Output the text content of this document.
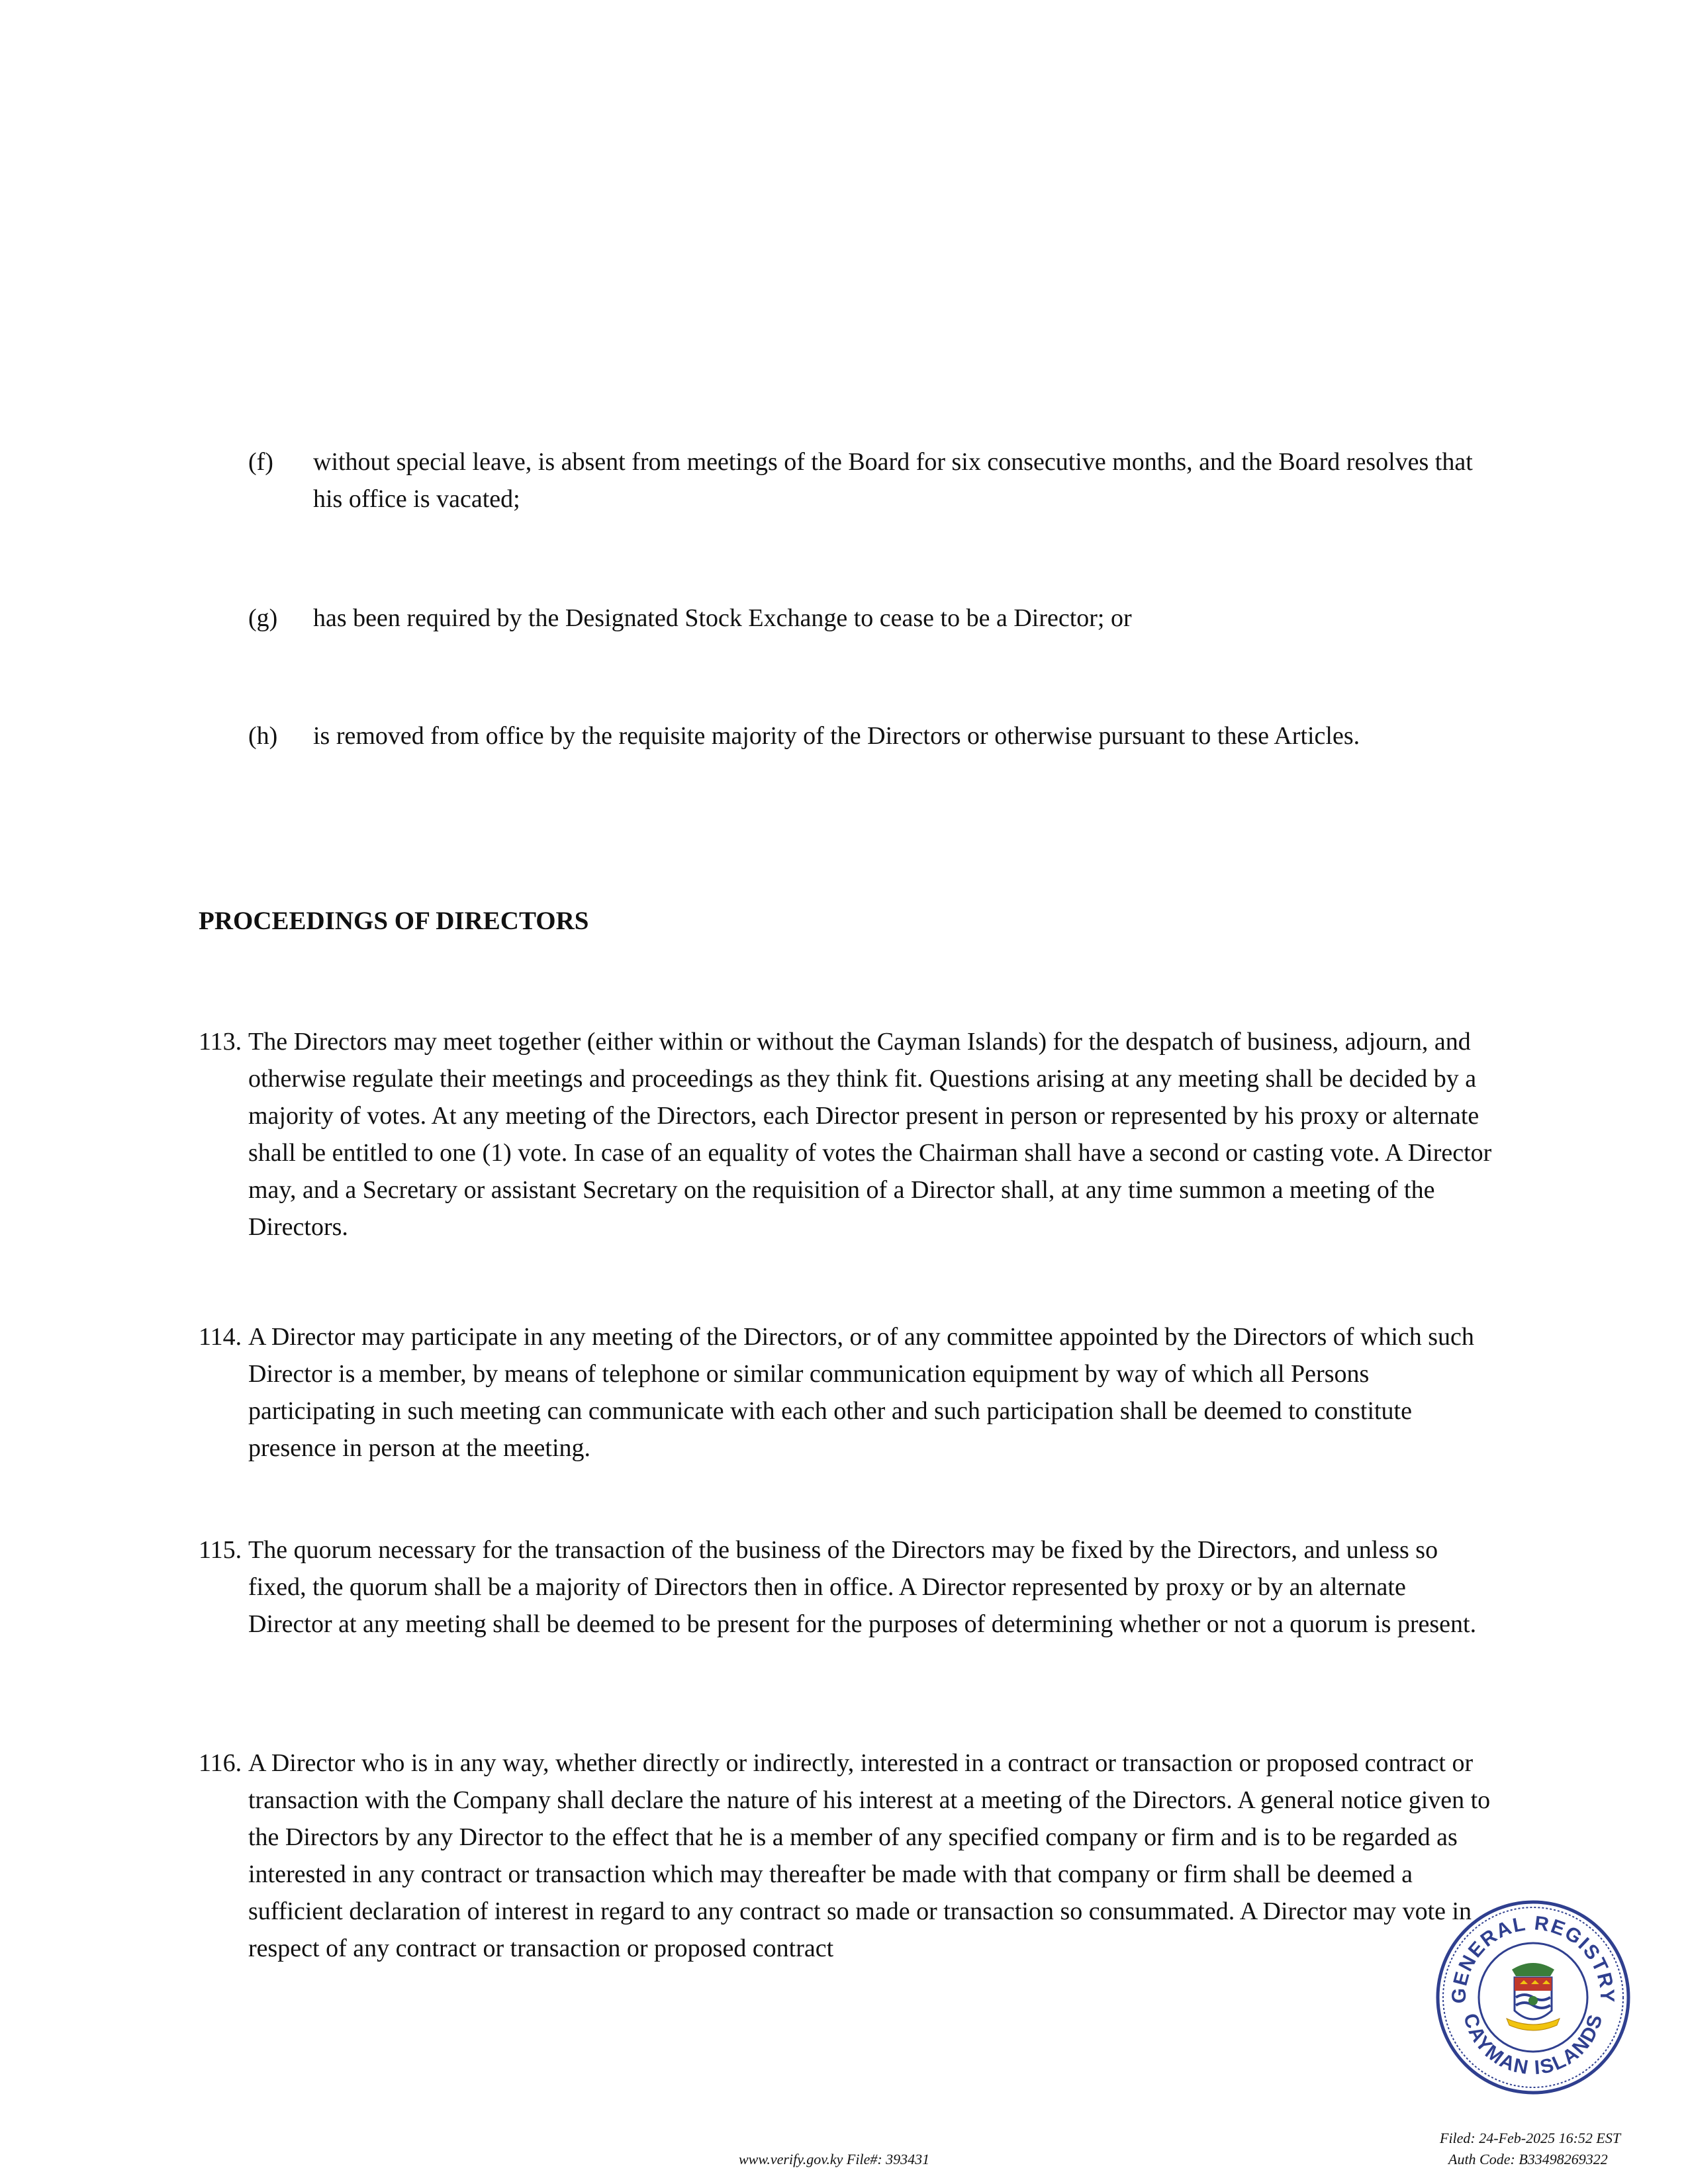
(f) without special leave, is absent from meetings of the Board for six consecutive months, and the Board resolves that his office is vacated;
(g) has been required by the Designated Stock Exchange to cease to be a Director; or
(h) is removed from office by the requisite majority of the Directors or otherwise pursuant to these Articles.
PROCEEDINGS OF DIRECTORS
113. The Directors may meet together (either within or without the Cayman Islands) for the despatch of business, adjourn, and otherwise regulate their meetings and proceedings as they think fit. Questions arising at any meeting shall be decided by a majority of votes. At any meeting of the Directors, each Director present in person or represented by his proxy or alternate shall be entitled to one (1) vote. In case of an equality of votes the Chairman shall have a second or casting vote. A Director may, and a Secretary or assistant Secretary on the requisition of a Director shall, at any time summon a meeting of the Directors.
114. A Director may participate in any meeting of the Directors, or of any committee appointed by the Directors of which such Director is a member, by means of telephone or similar communication equipment by way of which all Persons participating in such meeting can communicate with each other and such participation shall be deemed to constitute presence in person at the meeting.
115. The quorum necessary for the transaction of the business of the Directors may be fixed by the Directors, and unless so fixed, the quorum shall be a majority of Directors then in office. A Director represented by proxy or by an alternate Director at any meeting shall be deemed to be present for the purposes of determining whether or not a quorum is present.
116. A Director who is in any way, whether directly or indirectly, interested in a contract or transaction or proposed contract or transaction with the Company shall declare the nature of his interest at a meeting of the Directors. A general notice given to the Directors by any Director to the effect that he is a member of any specified company or firm and is to be regarded as interested in any contract or transaction which may thereafter be made with that company or firm shall be deemed a sufficient declaration of interest in regard to any contract so made or transaction so consummated. A Director may vote in respect of any contract or transaction or proposed contract
GENERAL REGISTRY
CAYMAN ISLANDS
www.verify.gov.ky File#: 393431
Filed: 24-Feb-2025 16:52 EST
Auth Code: B33498269322
